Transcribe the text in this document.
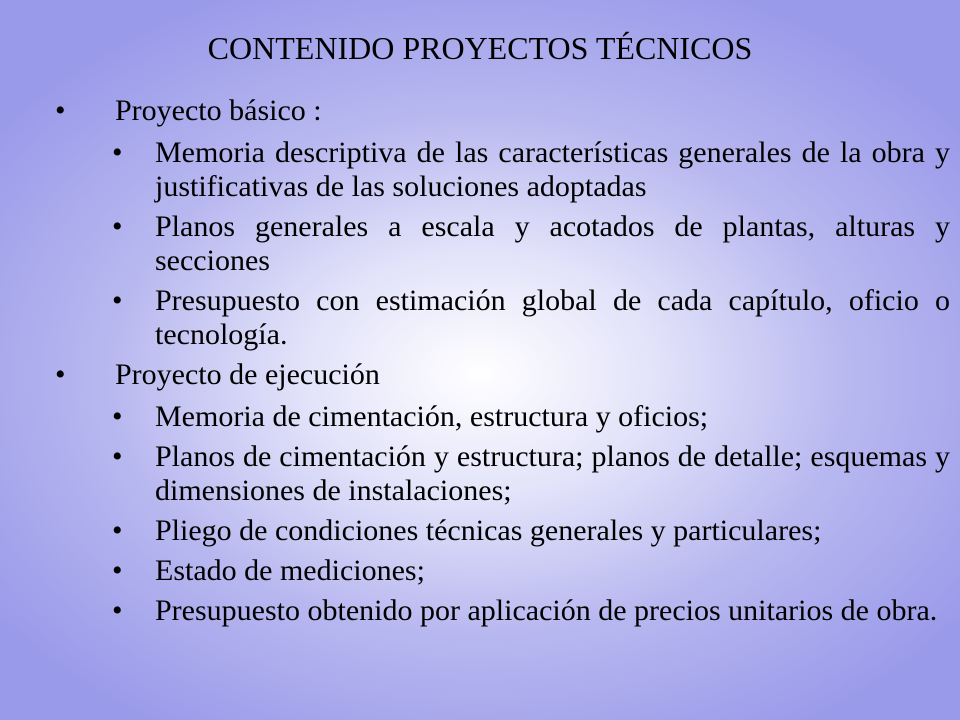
CONTENIDO PROYECTOS TÉCNICOS
• Proyecto básico :
• Memoria descriptiva de las características generales de la obra y justificativas de las soluciones adoptadas
• Planos generales a escala y acotados de plantas, alturas y secciones
• Presupuesto con estimación global de cada capítulo, oficio o tecnología.
• Proyecto de ejecución
• Memoria de cimentación, estructura y oficios;
• Planos de cimentación y estructura; planos de detalle; esquemas y dimensiones de instalaciones;
• Pliego de condiciones técnicas generales y particulares;
• Estado de mediciones;
• Presupuesto obtenido por aplicación de precios unitarios de obra.
